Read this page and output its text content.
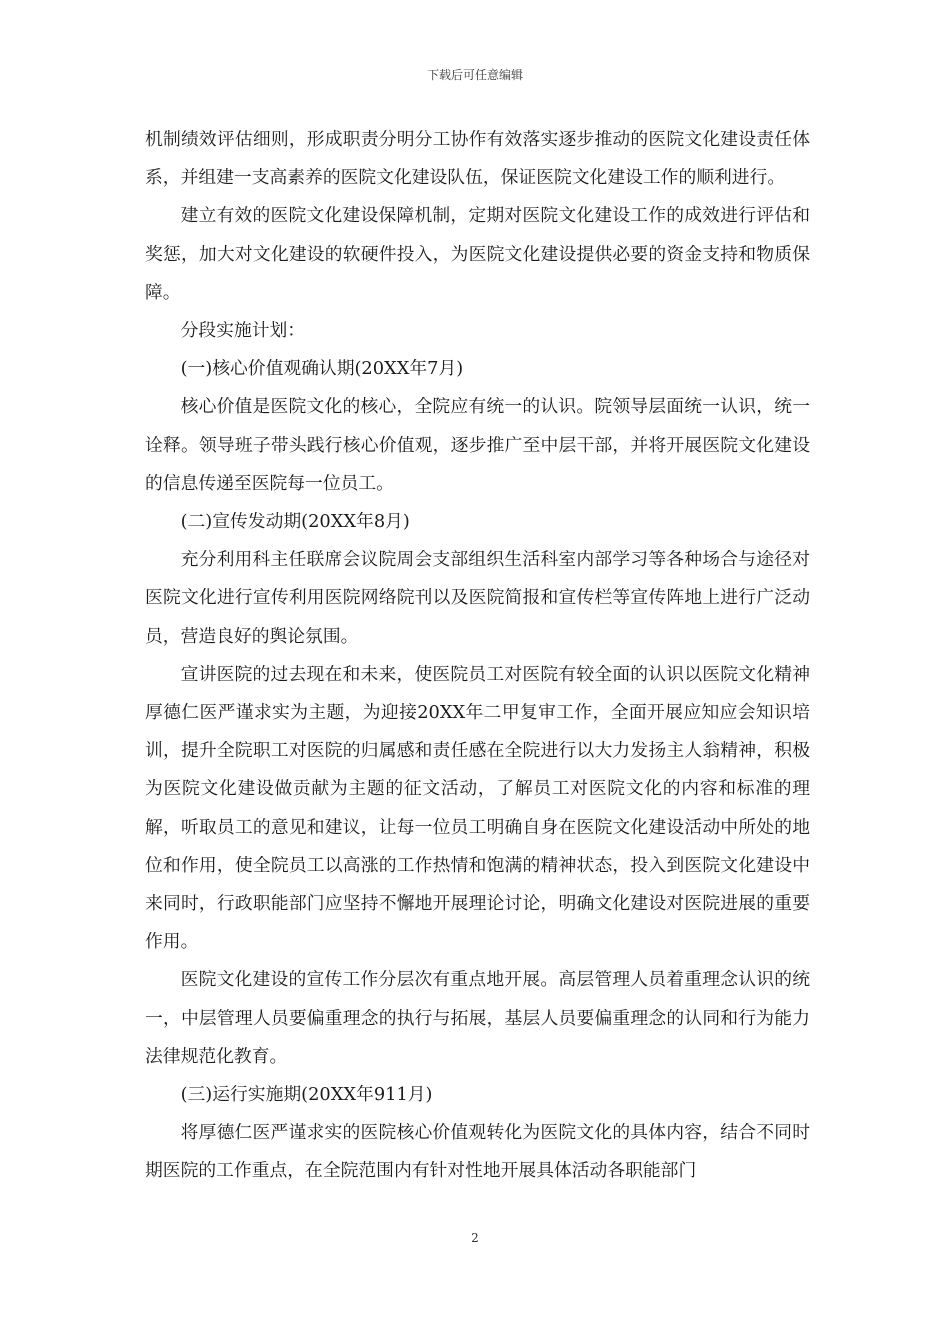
下载后可任意编辑

机制绩效评估细则，形成职责分明分工协作有效落实逐步推动的医院文化建设责任体系，并组建一支高素养的医院文化建设队伍，保证医院文化建设工作的顺利进行。

建立有效的医院文化建设保障机制，定期对医院文化建设工作的成效进行评估和奖惩，加大对文化建设的软硬件投入，为医院文化建设提供必要的资金支持和物质保障。

分段实施计划：

(一)核心价值观确认期(20XX年7月)

核心价值是医院文化的核心，全院应有统一的认识。院领导层面统一认识，统一诠释。领导班子带头践行核心价值观，逐步推广至中层干部，并将开展医院文化建设的信息传递至医院每一位员工。

(二)宣传发动期(20XX年8月)

充分利用科主任联席会议院周会支部组织生活科室内部学习等各种场合与途径对医院文化进行宣传利用医院网络院刊以及医院简报和宣传栏等宣传阵地上进行广泛动员，营造良好的舆论氛围。

宣讲医院的过去现在和未来，使医院员工对医院有较全面的认识以医院文化精神厚德仁医严谨求实为主题，为迎接20XX年二甲复审工作，全面开展应知应会知识培训，提升全院职工对医院的归属感和责任感在全院进行以大力发扬主人翁精神，积极为医院文化建设做贡献为主题的征文活动，了解员工对医院文化的内容和标准的理解，听取员工的意见和建议，让每一位员工明确自身在医院文化建设活动中所处的地位和作用，使全院员工以高涨的工作热情和饱满的精神状态，投入到医院文化建设中来同时，行政职能部门应坚持不懈地开展理论讨论，明确文化建设对医院进展的重要作用。

医院文化建设的宣传工作分层次有重点地开展。高层管理人员着重理念认识的统一，中层管理人员要偏重理念的执行与拓展，基层人员要偏重理念的认同和行为能力法律规范化教育。

(三)运行实施期(20XX年911月)

将厚德仁医严谨求实的医院核心价值观转化为医院文化的具体内容，结合不同时期医院的工作重点，在全院范围内有针对性地开展具体活动各职能部门

2
